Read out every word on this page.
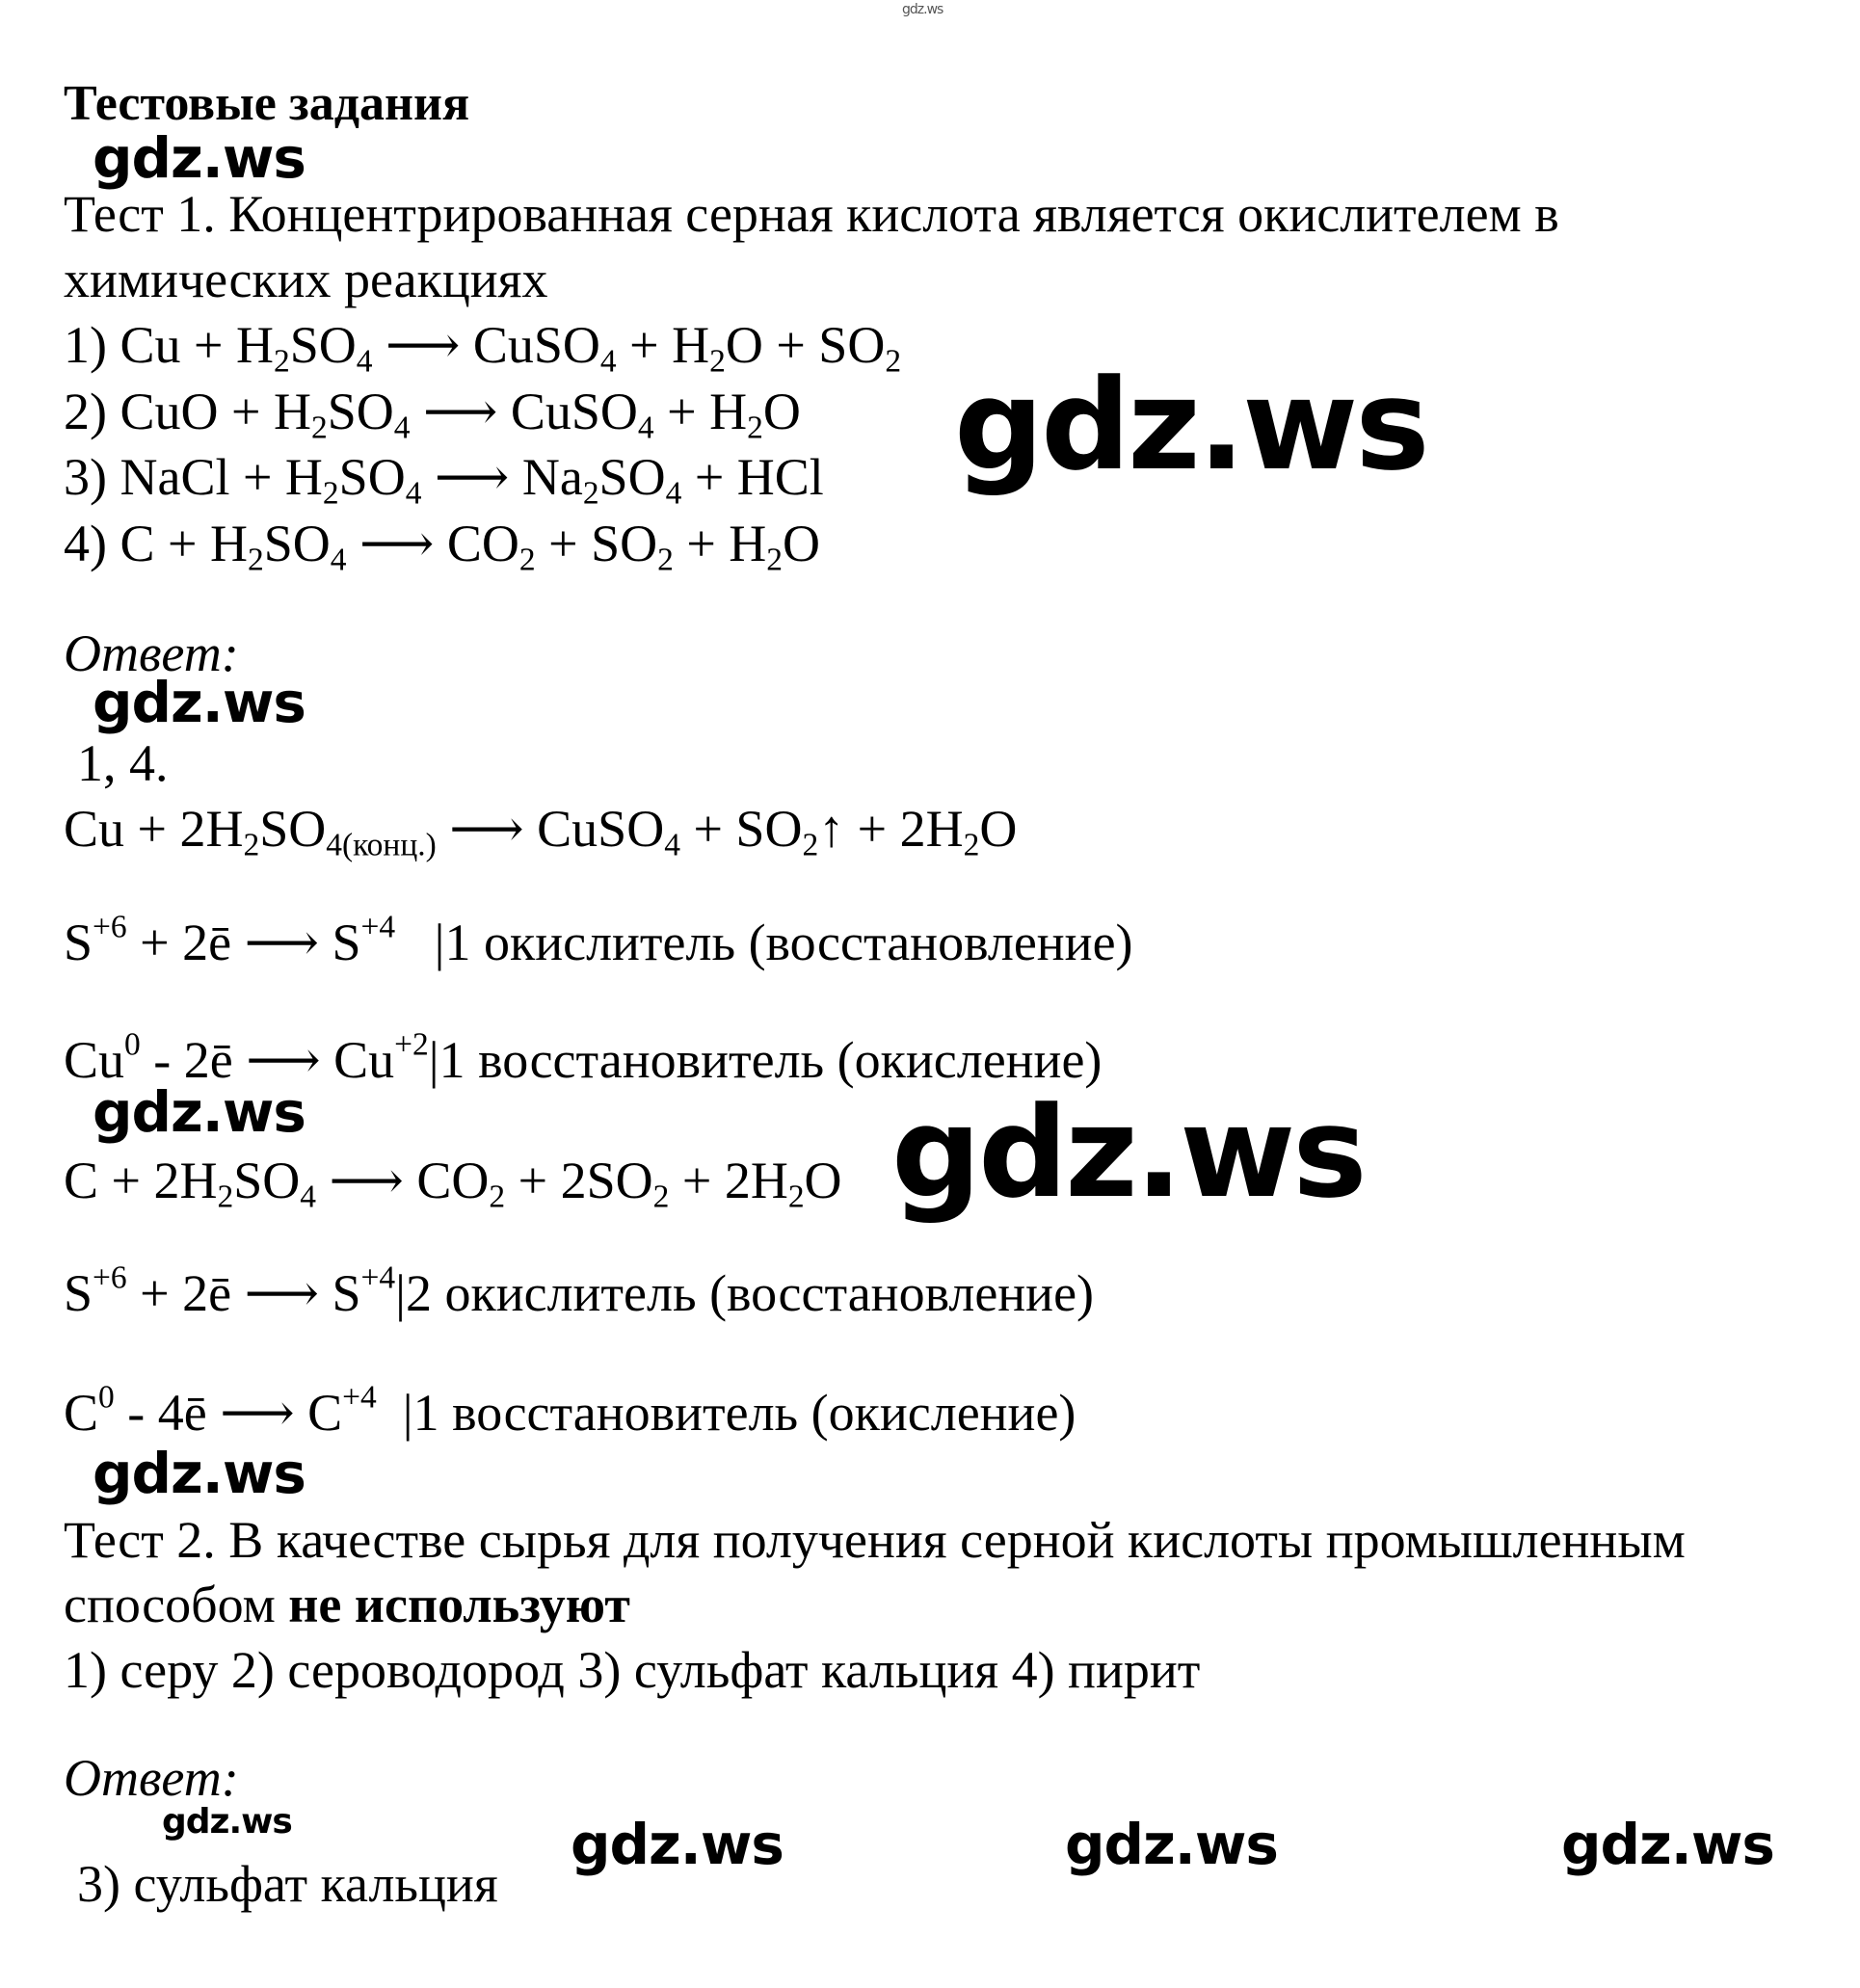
gdz.ws
gdz.ws
gdz.ws
gdz.ws
gdz.ws	gdz.ws
gdz.ws
gdz.ws	gdz.ws	gdz.ws	gdz.ws
Тестовые задания
Тест 1. Концентрированная серная кислота является окислителем в
химических реакциях
1) $Cu + H_2SO_4$ ⟶ CuSO$_4$ + $H_2O + SO_2$
2) CuO + $H_2SO_4$ ⟶ CuSO$_4$ + $H_2O$
3) NaCl + $H_2SO_4$ ⟶ $Na_2SO_4$ + HCl
4) $C + H_2SO_4$ ⟶ $CO_2 + SO_2 + H_2O$
Ответ:
1, 4.
$Cu + 2H_2SO_{4(конц.)}$ ⟶ CuSO$_4$ + $SO_2↑ + 2H_2O$
$S^{+6}$ + 2ē ⟶ $S^{+4}$   |1 окислитель (восстановление)
Cu$^0$ - 2ē ⟶ $Cu^{+2}|1$ восстановитель (окисление)
$C + 2H_2SO_4$ ⟶ $CO_2 + 2SO_2 + 2H_2O$
$S^{+6}$ + 2ē ⟶ $S^{+4}|2$ окислитель (восстановление)
$C^0$ - 4ē ⟶ $C^{+4}$  |1 восстановитель (окисление)
Тест 2. В качестве сырья для получения серной кислоты промышленным
способом не используют
1) серу 2) сероводород 3) сульфат кальция 4) пирит
Ответ:
3) сульфат кальция
